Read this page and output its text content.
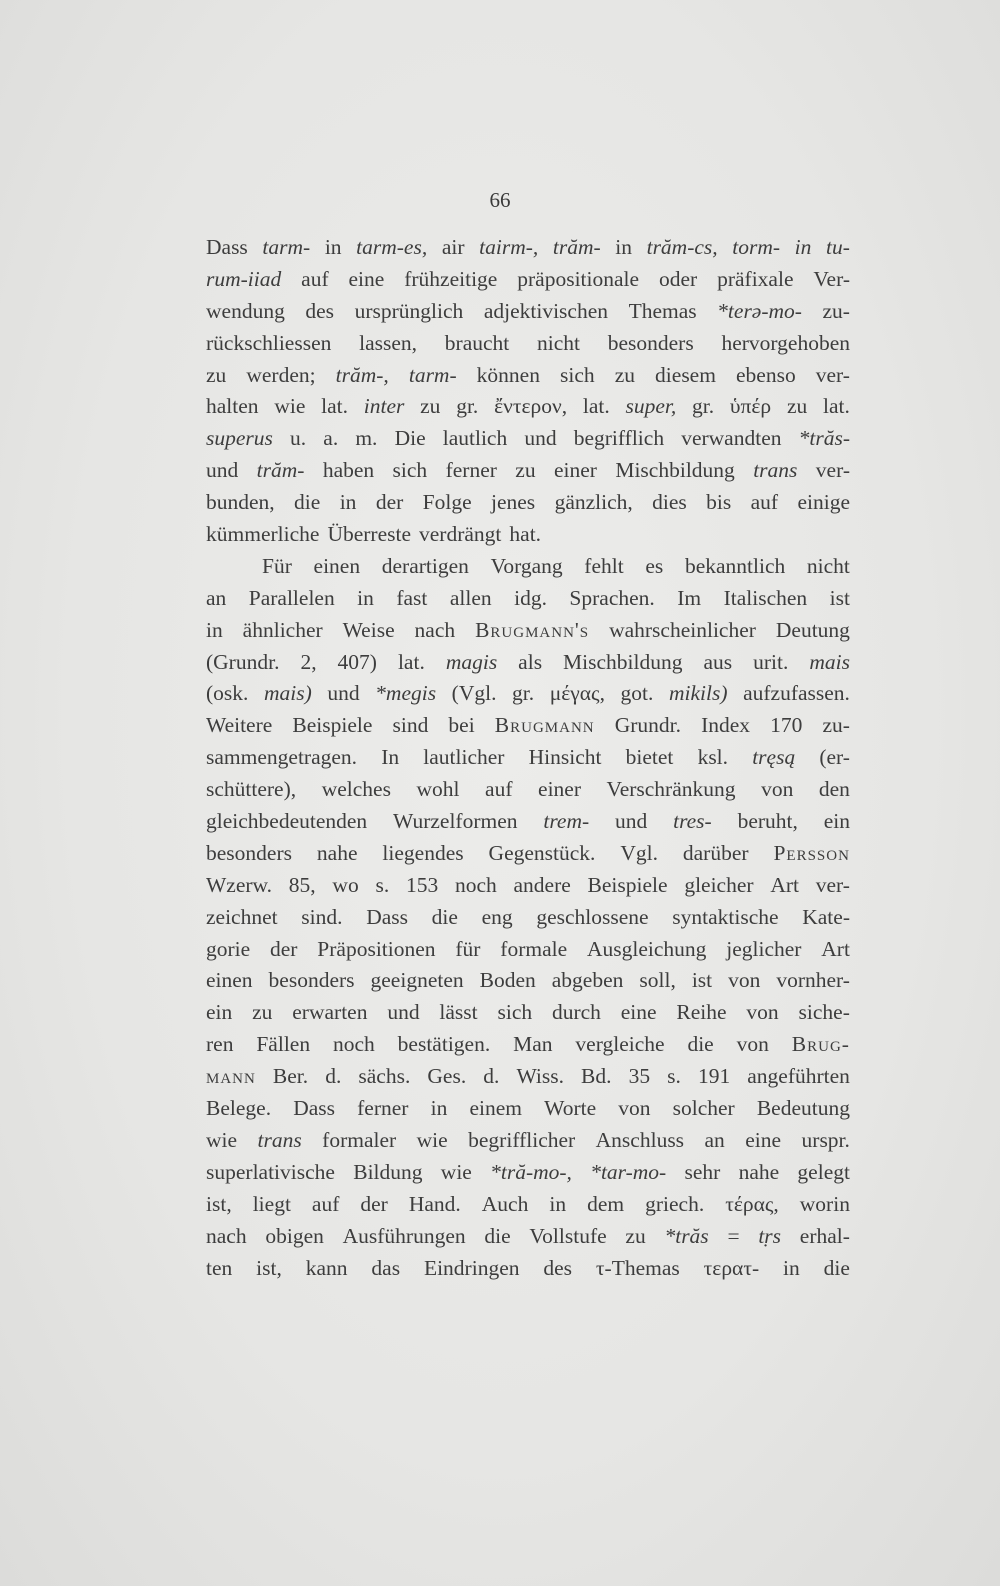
66
Dass tarm- in tarm-es, air tairm-, trăm- in trăm-cs, torm- in tu-
rum-iiad auf eine frühzeitige präpositionale oder präfixale Ver-
wendung des ursprünglich adjektivischen Themas *terǝ-mo- zu-
rückschliessen lassen, braucht nicht besonders hervorgehoben
zu werden; trăm-, tarm- können sich zu diesem ebenso ver-
halten wie lat. inter zu gr. ἔντερον, lat. super, gr. ὑπέρ zu lat.
superus u. a. m. Die lautlich und begrifflich verwandten *trăs-
und trăm- haben sich ferner zu einer Mischbildung trans ver-
bunden, die in der Folge jenes gänzlich, dies bis auf einige
kümmerliche Überreste verdrängt hat.
Für einen derartigen Vorgang fehlt es bekanntlich nicht
an Parallelen in fast allen idg. Sprachen. Im Italischen ist
in ähnlicher Weise nach Brugmann's wahrscheinlicher Deutung
(Grundr. 2, 407) lat. magis als Mischbildung aus urit. mais
(osk. mais) und *megis (Vgl. gr. μέγας, got. mikils) aufzufassen.
Weitere Beispiele sind bei Brugmann Grundr. Index 170 zu-
sammengetragen. In lautlicher Hinsicht bietet ksl. tręsą (er-
schüttere), welches wohl auf einer Verschränkung von den
gleichbedeutenden Wurzelformen trem- und tres- beruht, ein
besonders nahe liegendes Gegenstück. Vgl. darüber Persson
Wzerw. 85, wo s. 153 noch andere Beispiele gleicher Art ver-
zeichnet sind. Dass die eng geschlossene syntaktische Kate-
gorie der Präpositionen für formale Ausgleichung jeglicher Art
einen besonders geeigneten Boden abgeben soll, ist von vornher-
ein zu erwarten und lässt sich durch eine Reihe von siche-
ren Fällen noch bestätigen. Man vergleiche die von Brug-
mann Ber. d. sächs. Ges. d. Wiss. Bd. 35 s. 191 angeführten
Belege. Dass ferner in einem Worte von solcher Bedeutung
wie trans formaler wie begrifflicher Anschluss an eine urspr.
superlativische Bildung wie *tră-mo-, *tar-mo- sehr nahe gelegt
ist, liegt auf der Hand. Auch in dem griech. τέρας, worin
nach obigen Ausführungen die Vollstufe zu *trăs = tṛs erhal-
ten ist, kann das Eindringen des τ-Themas τερατ- in die
